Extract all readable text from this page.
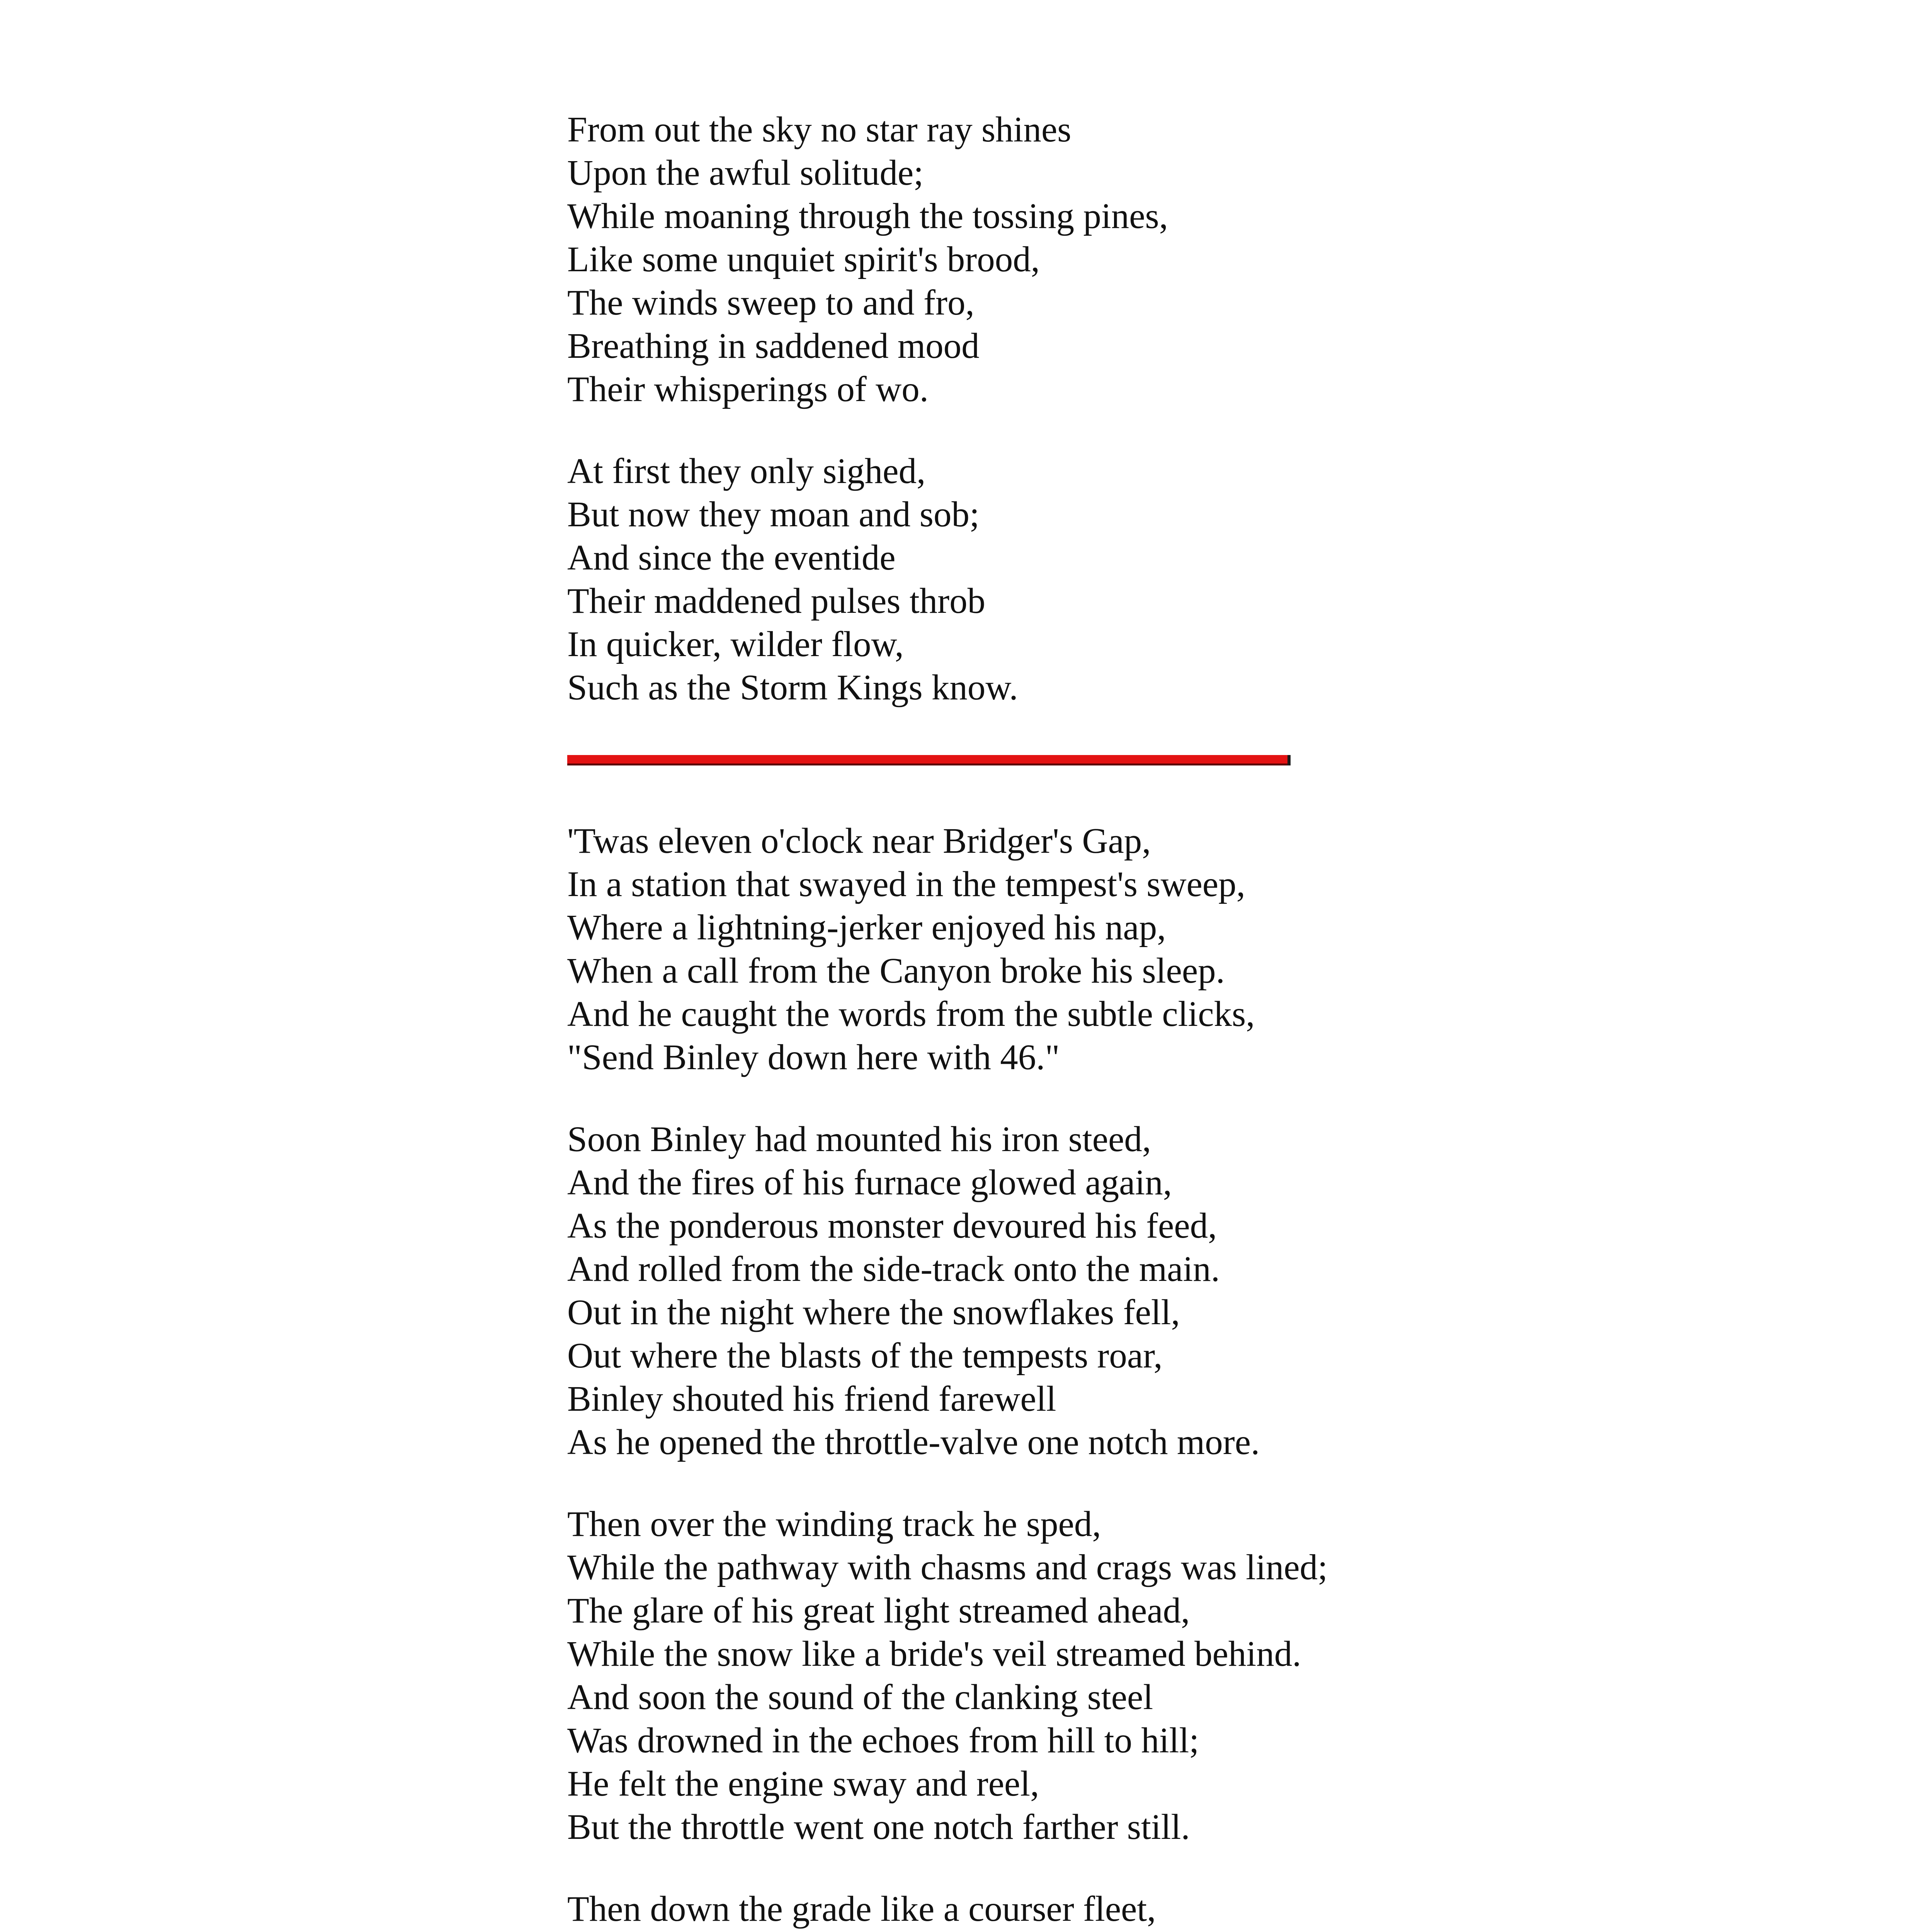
From out the sky no star ray shines
Upon the awful solitude;
While moaning through the tossing pines,
Like some unquiet spirit's brood,
The winds sweep to and fro,
Breathing in saddened mood
Their whisperings of wo.

At first they only sighed,
But now they moan and sob;
And since the eventide
Their maddened pulses throb
In quicker, wilder flow,
Such as the Storm Kings know.

'Twas eleven o'clock near Bridger's Gap,
In a station that swayed in the tempest's sweep,
Where a lightning-jerker enjoyed his nap,
When a call from the Canyon broke his sleep.
And he caught the words from the subtle clicks,
"Send Binley down here with 46."

Soon Binley had mounted his iron steed,
And the fires of his furnace glowed again,
As the ponderous monster devoured his feed,
And rolled from the side-track onto the main.
Out in the night where the snowflakes fell,
Out where the blasts of the tempests roar,
Binley shouted his friend farewell
As he opened the throttle-valve one notch more.

Then over the winding track he sped,
While the pathway with chasms and crags was lined;
The glare of his great light streamed ahead,
While the snow like a bride's veil streamed behind.
And soon the sound of the clanking steel
Was drowned in the echoes from hill to hill;
He felt the engine sway and reel,
But the throttle went one notch farther still.

Then down the grade like a courser fleet,
